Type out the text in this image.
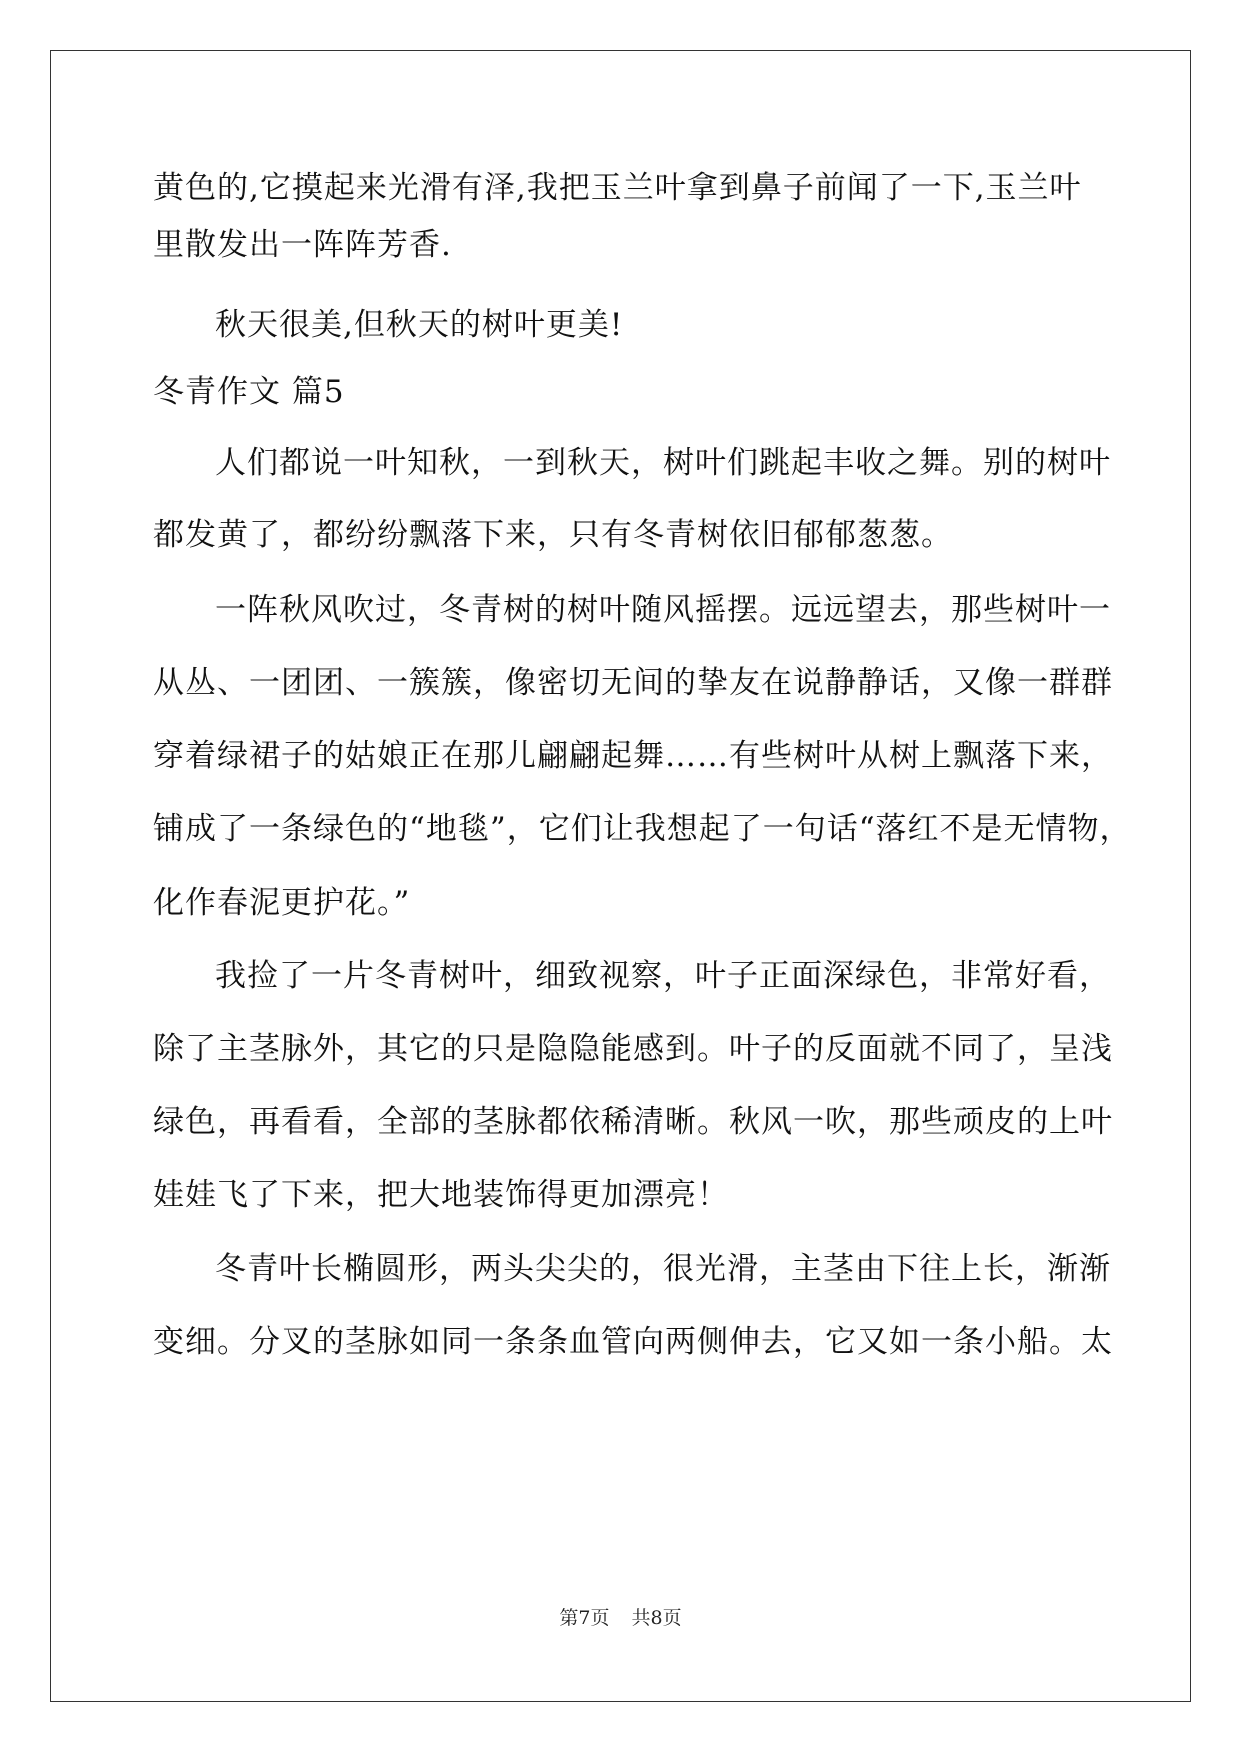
黄色的,它摸起来光滑有泽,我把玉兰叶拿到鼻子前闻了一下,玉兰叶
里散发出一阵阵芳香.
秋天很美,但秋天的树叶更美!
冬青作文 篇5
人们都说一叶知秋，一到秋天，树叶们跳起丰收之舞。别的树叶
都发黄了，都纷纷飘落下来，只有冬青树依旧郁郁葱葱。
一阵秋风吹过，冬青树的树叶随风摇摆。远远望去，那些树叶一
从丛、一团团、一簇簇，像密切无间的挚友在说静静话，又像一群群
穿着绿裙子的姑娘正在那儿翩翩起舞……有些树叶从树上飘落下来，
铺成了一条绿色的“地毯”，它们让我想起了一句话“落红不是无情物，
化作春泥更护花。”
我捡了一片冬青树叶，细致视察，叶子正面深绿色，非常好看，
除了主茎脉外，其它的只是隐隐能感到。叶子的反面就不同了，呈浅
绿色，再看看，全部的茎脉都依稀清晰。秋风一吹，那些顽皮的上叶
娃娃飞了下来，把大地装饰得更加漂亮！
冬青叶长椭圆形，两头尖尖的，很光滑，主茎由下往上长，渐渐
变细。分叉的茎脉如同一条条血管向两侧伸去，它又如一条小船。太
第7页 共8页
